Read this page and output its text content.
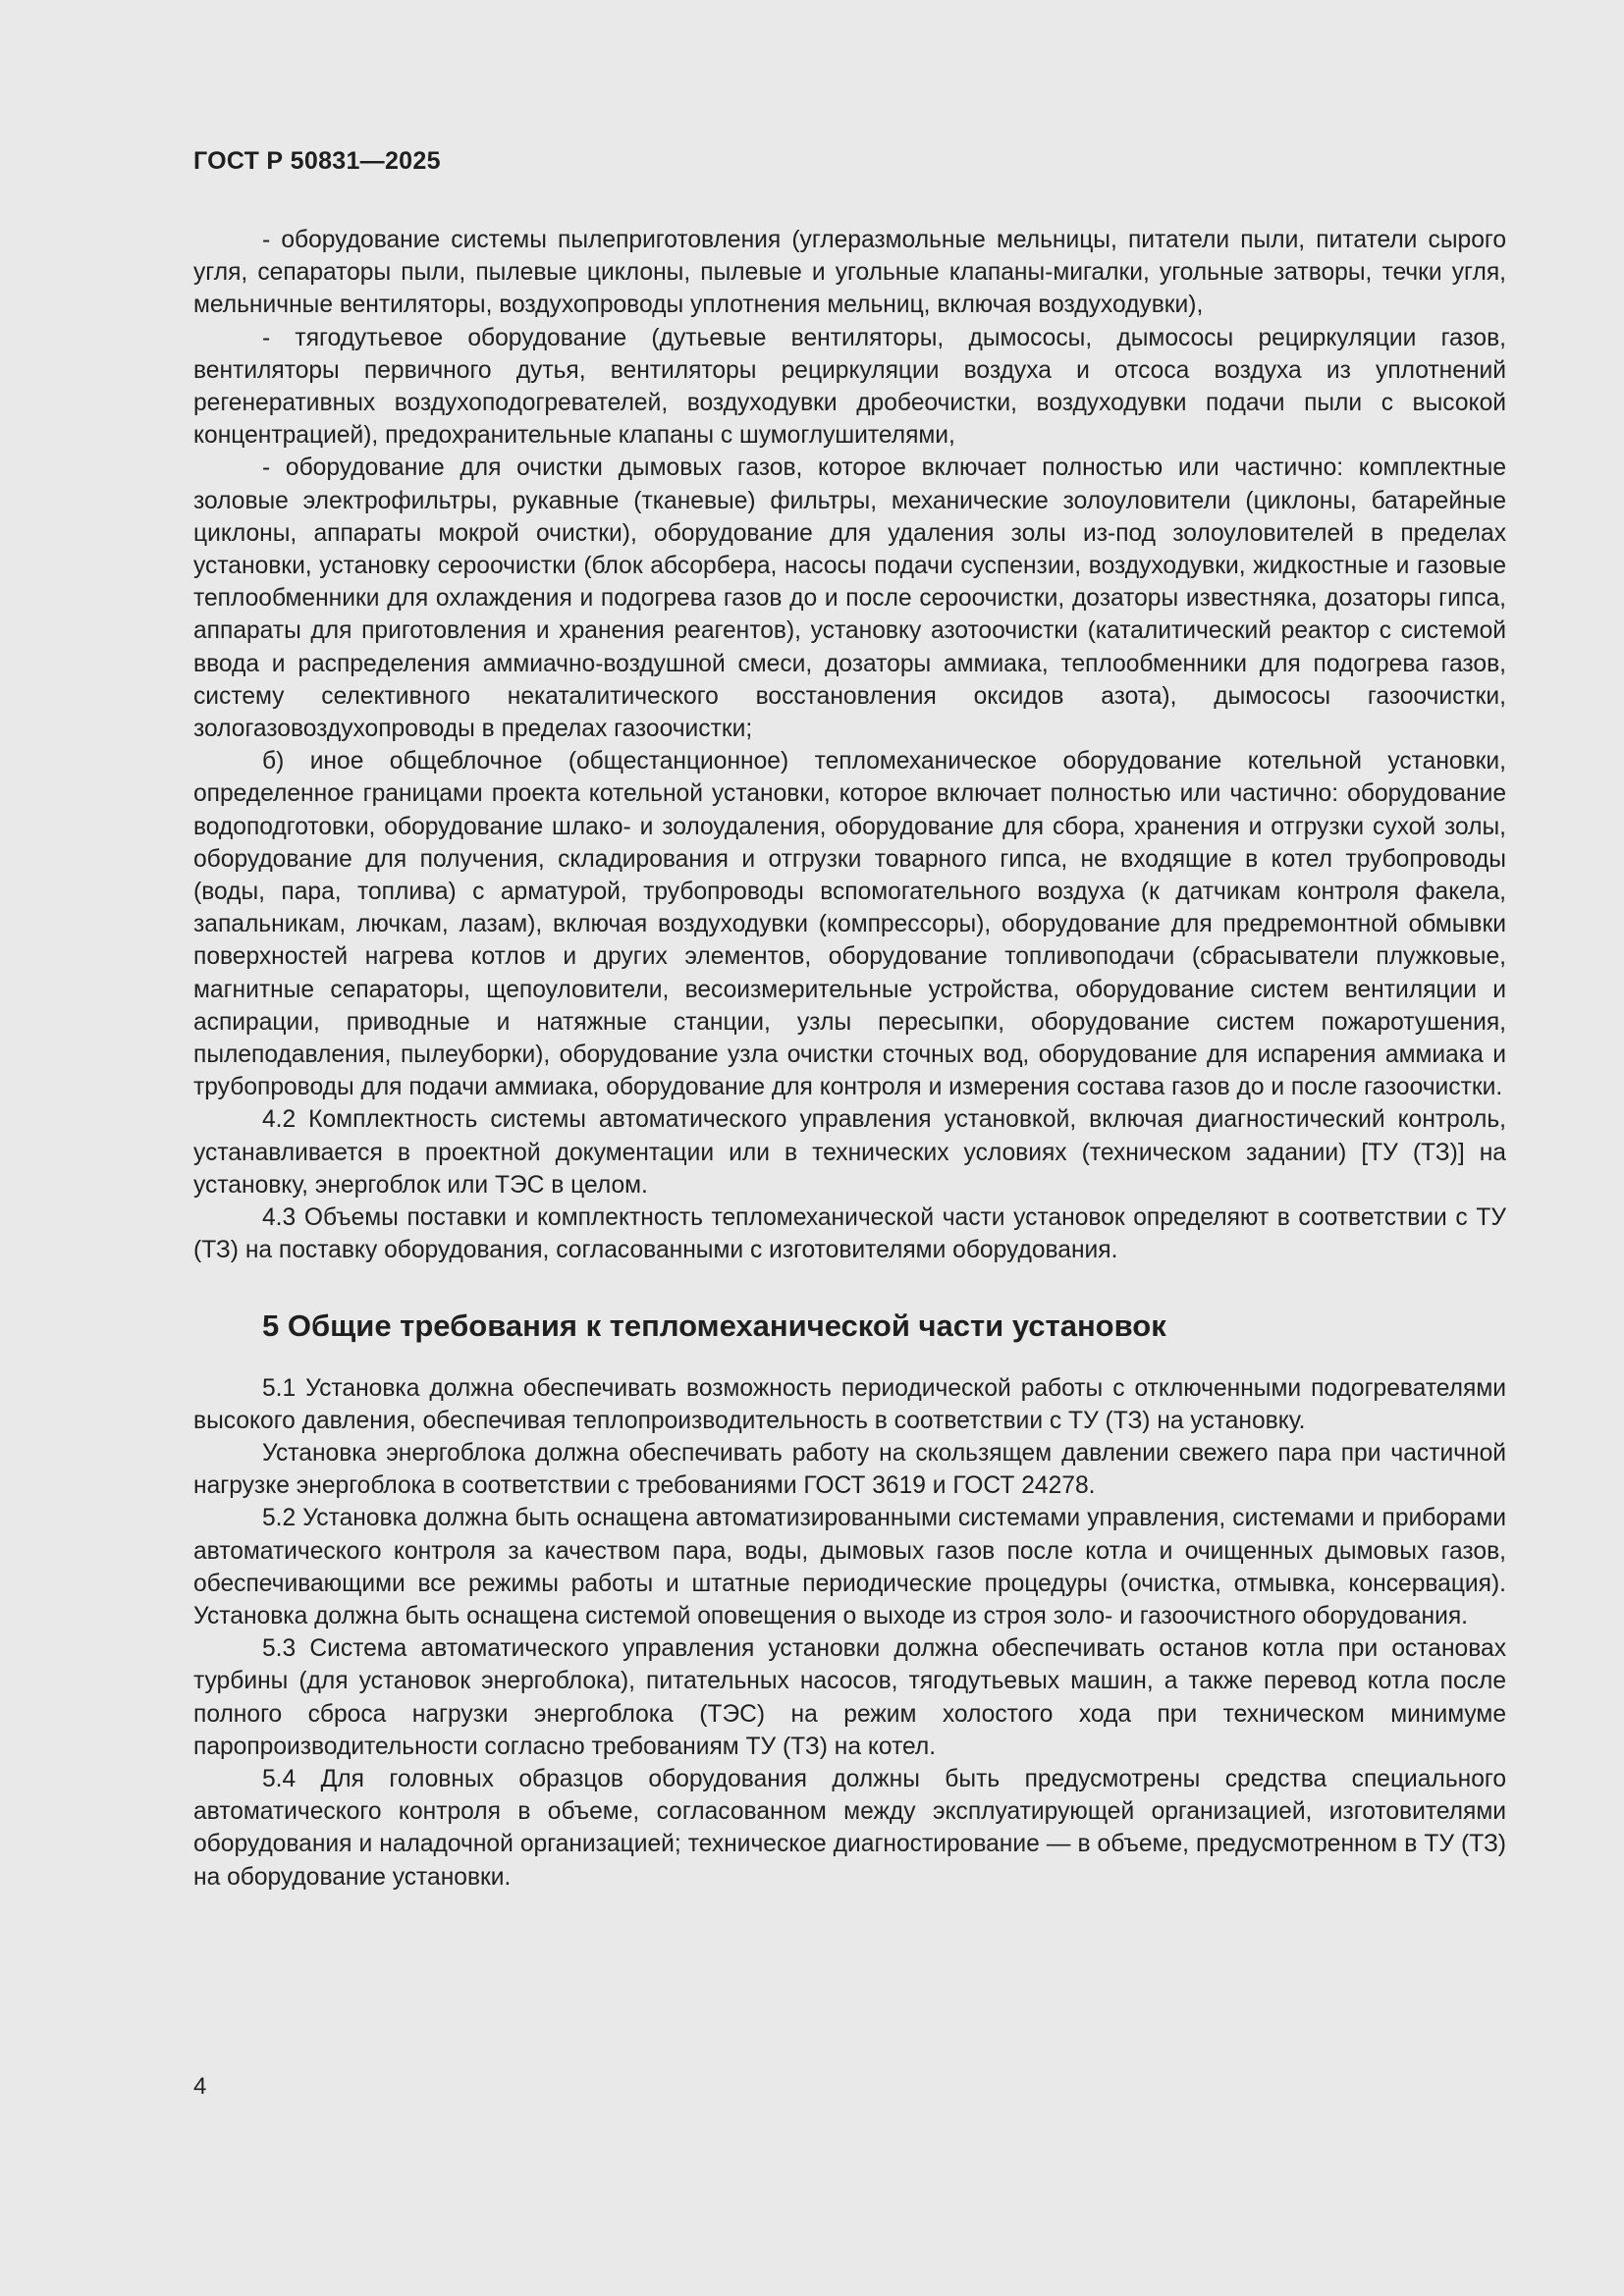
ГОСТ Р 50831—2025

- оборудование системы пылеприготовления (углеразмольные мельницы, питатели пыли, питатели сырого угля, сепараторы пыли, пылевые циклоны, пылевые и угольные клапаны-мигалки, угольные затворы, течки угля, мельничные вентиляторы, воздухопроводы уплотнения мельниц, включая воздуходувки),

- тягодутьевое оборудование (дутьевые вентиляторы, дымососы, дымососы рециркуляции газов, вентиляторы первичного дутья, вентиляторы рециркуляции воздуха и отсоса воздуха из уплотнений регенеративных воздухоподогревателей, воздуходувки дробеочистки, воздуходувки подачи пыли с высокой концентрацией), предохранительные клапаны с шумоглушителями,

- оборудование для очистки дымовых газов, которое включает полностью или частично: комплектные золовые электрофильтры, рукавные (тканевые) фильтры, механические золоуловители (циклоны, батарейные циклоны, аппараты мокрой очистки), оборудование для удаления золы из-под золоуловителей в пределах установки, установку сероочистки (блок абсорбера, насосы подачи суспензии, воздуходувки, жидкостные и газовые теплообменники для охлаждения и подогрева газов до и после сероочистки, дозаторы известняка, дозаторы гипса, аппараты для приготовления и хранения реагентов), установку азотоочистки (каталитический реактор с системой ввода и распределения аммиачно-воздушной смеси, дозаторы аммиака, теплообменники для подогрева газов, систему селективного некаталитического восстановления оксидов азота), дымососы газоочистки, зологазовоздухопроводы в пределах газоочистки;

б) иное общеблочное (общестанционное) тепломеханическое оборудование котельной установки, определенное границами проекта котельной установки, которое включает полностью или частично: оборудование водоподготовки, оборудование шлако- и золоудаления, оборудование для сбора, хранения и отгрузки сухой золы, оборудование для получения, складирования и отгрузки товарного гипса, не входящие в котел трубопроводы (воды, пара, топлива) с арматурой, трубопроводы вспомогательного воздуха (к датчикам контроля факела, запальникам, лючкам, лазам), включая воздуходувки (компрессоры), оборудование для предремонтной обмывки поверхностей нагрева котлов и других элементов, оборудование топливоподачи (сбрасыватели плужковые, магнитные сепараторы, щепоуловители, весоизмерительные устройства, оборудование систем вентиляции и аспирации, приводные и натяжные станции, узлы пересыпки, оборудование систем пожаротушения, пылеподавления, пылеуборки), оборудование узла очистки сточных вод, оборудование для испарения аммиака и трубопроводы для подачи аммиака, оборудование для контроля и измерения состава газов до и после газоочистки.

4.2 Комплектность системы автоматического управления установкой, включая диагностический контроль, устанавливается в проектной документации или в технических условиях (техническом задании) [ТУ (ТЗ)] на установку, энергоблок или ТЭС в целом.

4.3 Объемы поставки и комплектность тепломеханической части установок определяют в соответствии с ТУ (ТЗ) на поставку оборудования, согласованными с изготовителями оборудования.

5 Общие требования к тепломеханической части установок

5.1 Установка должна обеспечивать возможность периодической работы с отключенными подогревателями высокого давления, обеспечивая теплопроизводительность в соответствии с ТУ (ТЗ) на установку.

Установка энергоблока должна обеспечивать работу на скользящем давлении свежего пара при частичной нагрузке энергоблока в соответствии с требованиями ГОСТ 3619 и ГОСТ 24278.

5.2 Установка должна быть оснащена автоматизированными системами управления, системами и приборами автоматического контроля за качеством пара, воды, дымовых газов после котла и очищенных дымовых газов, обеспечивающими все режимы работы и штатные периодические процедуры (очистка, отмывка, консервация). Установка должна быть оснащена системой оповещения о выходе из строя золо- и газоочистного оборудования.

5.3 Система автоматического управления установки должна обеспечивать останов котла при остановах турбины (для установок энергоблока), питательных насосов, тягодутьевых машин, а также перевод котла после полного сброса нагрузки энергоблока (ТЭС) на режим холостого хода при техническом минимуме паропроизводительности согласно требованиям ТУ (ТЗ) на котел.

5.4 Для головных образцов оборудования должны быть предусмотрены средства специального автоматического контроля в объеме, согласованном между эксплуатирующей организацией, изготовителями оборудования и наладочной организацией; техническое диагностирование — в объеме, предусмотренном в ТУ (ТЗ) на оборудование установки.

4
